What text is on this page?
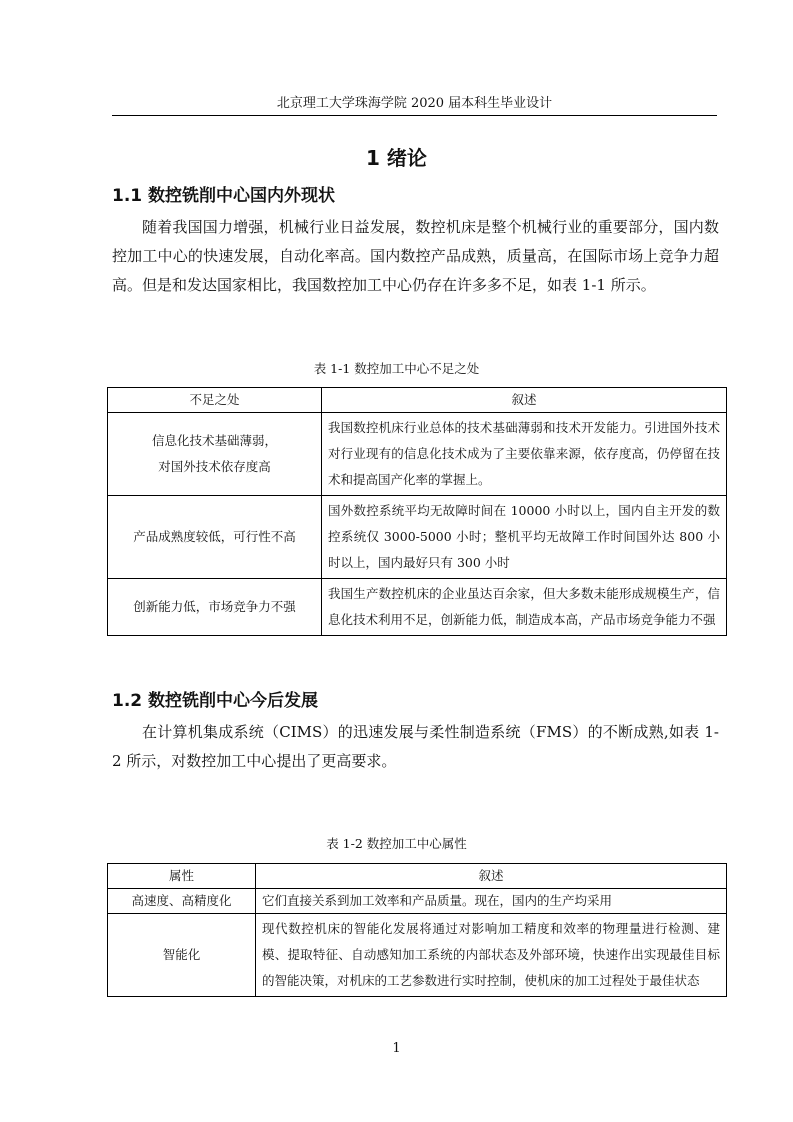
北京理工大学珠海学院 2020 届本科生毕业设计
1 绪论
1.1 数控铣削中心国内外现状
随着我国国力增强，机械行业日益发展，数控机床是整个机械行业的重要部分，国内数控加工中心的快速发展，自动化率高。国内数控产品成熟，质量高，在国际市场上竞争力超高。但是和发达国家相比，我国数控加工中心仍存在许多多不足，如表 1-1 所示。
表 1-1 数控加工中心不足之处
不足之处	叙述
信息化技术基础薄弱，
对国外技术依存度高	我国数控机床行业总体的技术基础薄弱和技术开发能力。引进国外技术对行业现有的信息化技术成为了主要依靠来源，依存度高，仍停留在技术和提高国产化率的掌握上。
产品成熟度较低，可行性不高	国外数控系统平均无故障时间在 10000 小时以上，国内自主开发的数控系统仅 3000-5000 小时；整机平均无故障工作时间国外达 800 小时以上，国内最好只有 300 小时
创新能力低，市场竞争力不强	我国生产数控机床的企业虽达百余家，但大多数未能形成规模生产，信息化技术利用不足，创新能力低，制造成本高，产品市场竞争能力不强
1.2 数控铣削中心今后发展
在计算机集成系统（CIMS）的迅速发展与柔性制造系统（FMS）的不断成熟,如表 1-2 所示，对数控加工中心提出了更高要求。
表 1-2 数控加工中心属性
属性	叙述
高速度、高精度化	它们直接关系到加工效率和产品质量。现在，国内的生产均采用
智能化	现代数控机床的智能化发展将通过对影响加工精度和效率的物理量进行检测、建模、提取特征、自动感知加工系统的内部状态及外部环境，快速作出实现最佳目标的智能决策，对机床的工艺参数进行实时控制，使机床的加工过程处于最佳状态
1
